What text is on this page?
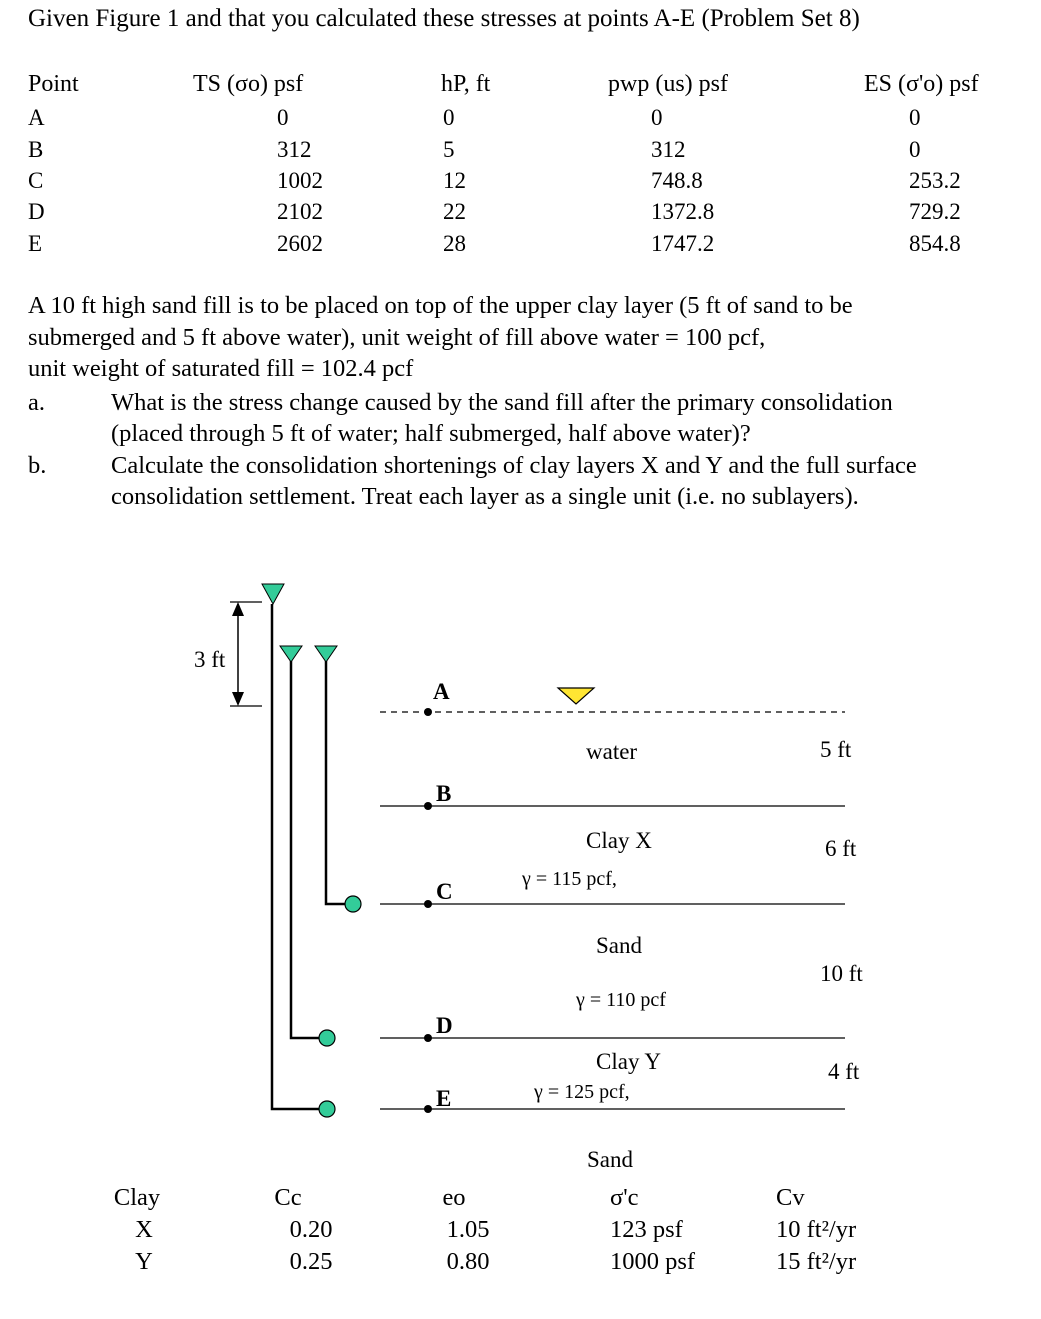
Given Figure 1 and that you calculated these stresses at points A-E (Problem Set 8)
Point	TS (σo) psf	hP, ft	pwp (us) psf	ES (σ'o) psf
A	0	0	0	0
B	312	5	312	0
C	1002	12	748.8	253.2
D	2102	22	1372.8	729.2
E	2602	28	1747.2	854.8
A 10 ft high sand fill is to be placed on top of the upper clay layer (5 ft of sand to be
submerged and 5 ft above water), unit weight of fill above water = 100 pcf,
unit weight of saturated fill = 102.4 pcf
a.	What is the stress change caused by the sand fill after the primary consolidation
(placed through 5 ft of water; half submerged, half above water)?
b.	Calculate the consolidation shortenings of clay layers X and Y and the full surface
consolidation settlement. Treat each layer as a single unit (i.e. no sublayers).
3 ft
A
B
C
D
E
water
Clay X
γ = 115 pcf,
Sand
γ = 110 pcf
Clay Y
γ = 125 pcf,
Sand
5 ft
6 ft
10 ft
4 ft
Clay	Cc	eo	σ'c	Cv
X	0.20	1.05	123 psf	10 ft²/yr
Y	0.25	0.80	1000 psf	15 ft²/yr
